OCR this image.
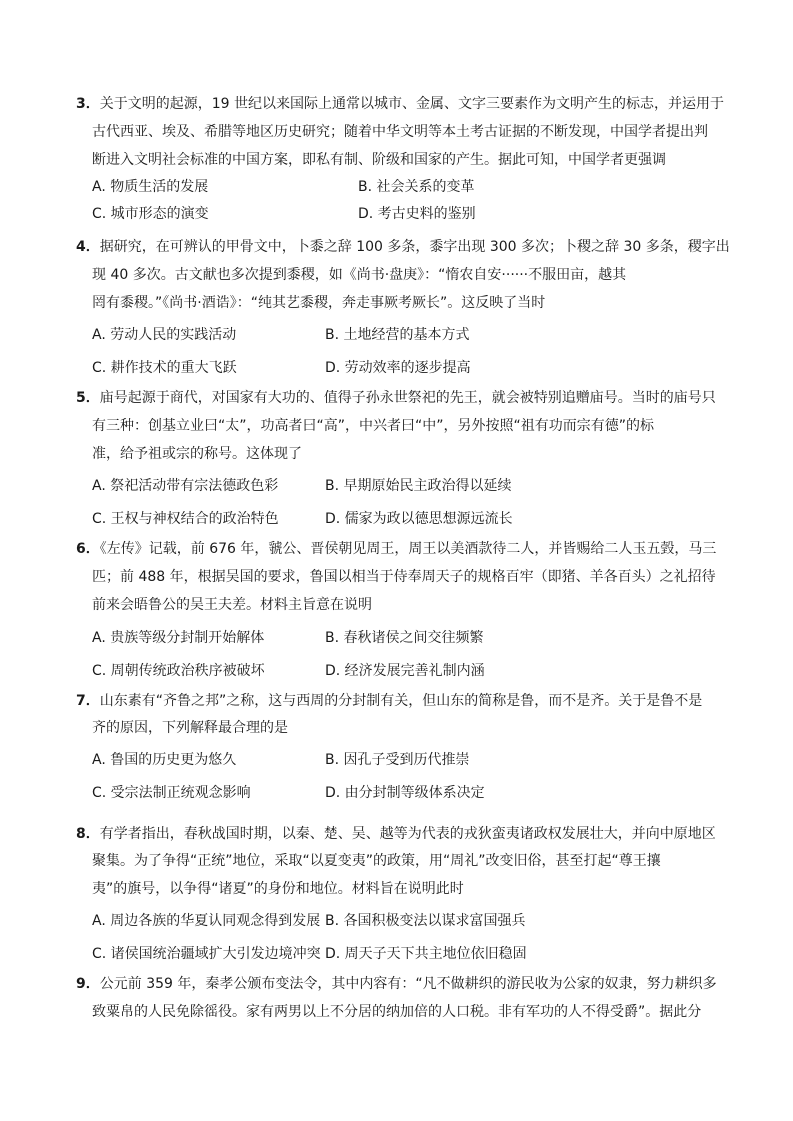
3．关于文明的起源，19 世纪以来国际上通常以城市、金属、文字三要素作为文明产生的标志，并运用于
古代西亚、埃及、希腊等地区历史研究；随着中华文明等本土考古证据的不断发现，中国学者提出判
断进入文明社会标准的中国方案，即私有制、阶级和国家的产生。据此可知，中国学者更强调
A. 物质生活的发展	B. 社会关系的变革
C. 城市形态的演变	D. 考古史料的鉴别
4．据研究，在可辨认的甲骨文中，卜黍之辞 100 多条，黍字出现 300 多次；卜稷之辞 30 多条，稷字出
现 40 多次。古文献也多次提到黍稷，如《尚书·盘庚》：“惰农自安······不服田亩，越其
罔有黍稷。”《尚书·酒诰》：“纯其艺黍稷，奔走事厥考厥长”。这反映了当时
A. 劳动人民的实践活动	B. 土地经营的基本方式
C. 耕作技术的重大飞跃	D. 劳动效率的逐步提高
5．庙号起源于商代，对国家有大功的、值得子孙永世祭祀的先王，就会被特别追赠庙号。当时的庙号只
有三种：创基立业曰“太”，功高者曰“高”，中兴者曰“中”，另外按照“祖有功而宗有德”的标
准，给予祖或宗的称号。这体现了
A. 祭祀活动带有宗法德政色彩	B. 早期原始民主政治得以延续
C. 王权与神权结合的政治特色	D. 儒家为政以德思想源远流长
6．《左传》记载，前 676 年，虢公、晋侯朝见周王，周王以美酒款待二人，并皆赐给二人玉五瑴，马三
匹；前 488 年，根据吴国的要求，鲁国以相当于侍奉周天子的规格百牢（即猪、羊各百头）之礼招待
前来会晤鲁公的吴王夫差。材料主旨意在说明
A. 贵族等级分封制开始解体	B. 春秋诸侯之间交往频繁
C. 周朝传统政治秩序被破坏	D. 经济发展完善礼制内涵
7．山东素有“齐鲁之邦”之称，这与西周的分封制有关，但山东的简称是鲁，而不是齐。关于是鲁不是
齐的原因，下列解释最合理的是
A. 鲁国的历史更为悠久	B. 因孔子受到历代推崇
C. 受宗法制正统观念影响	D. 由分封制等级体系决定
8．有学者指出，春秋战国时期，以秦、楚、吴、越等为代表的戎狄蛮夷诸政权发展壮大，并向中原地区
聚集。为了争得“正统”地位，采取“以夏变夷”的政策，用“周礼”改变旧俗，甚至打起“尊王攘
夷”的旗号，以争得“诸夏”的身份和地位。材料旨在说明此时
A. 周边各族的华夏认同观念得到发展 B. 各国积极变法以谋求富国强兵
C. 诸侯国统治疆域扩大引发边境冲突 D. 周天子天下共主地位依旧稳固
9．公元前 359 年，秦孝公颁布变法令，其中内容有：“凡不做耕织的游民收为公家的奴隶，努力耕织多
致粟帛的人民免除徭役。家有两男以上不分居的纳加倍的人口税。非有军功的人不得受爵”。据此分
